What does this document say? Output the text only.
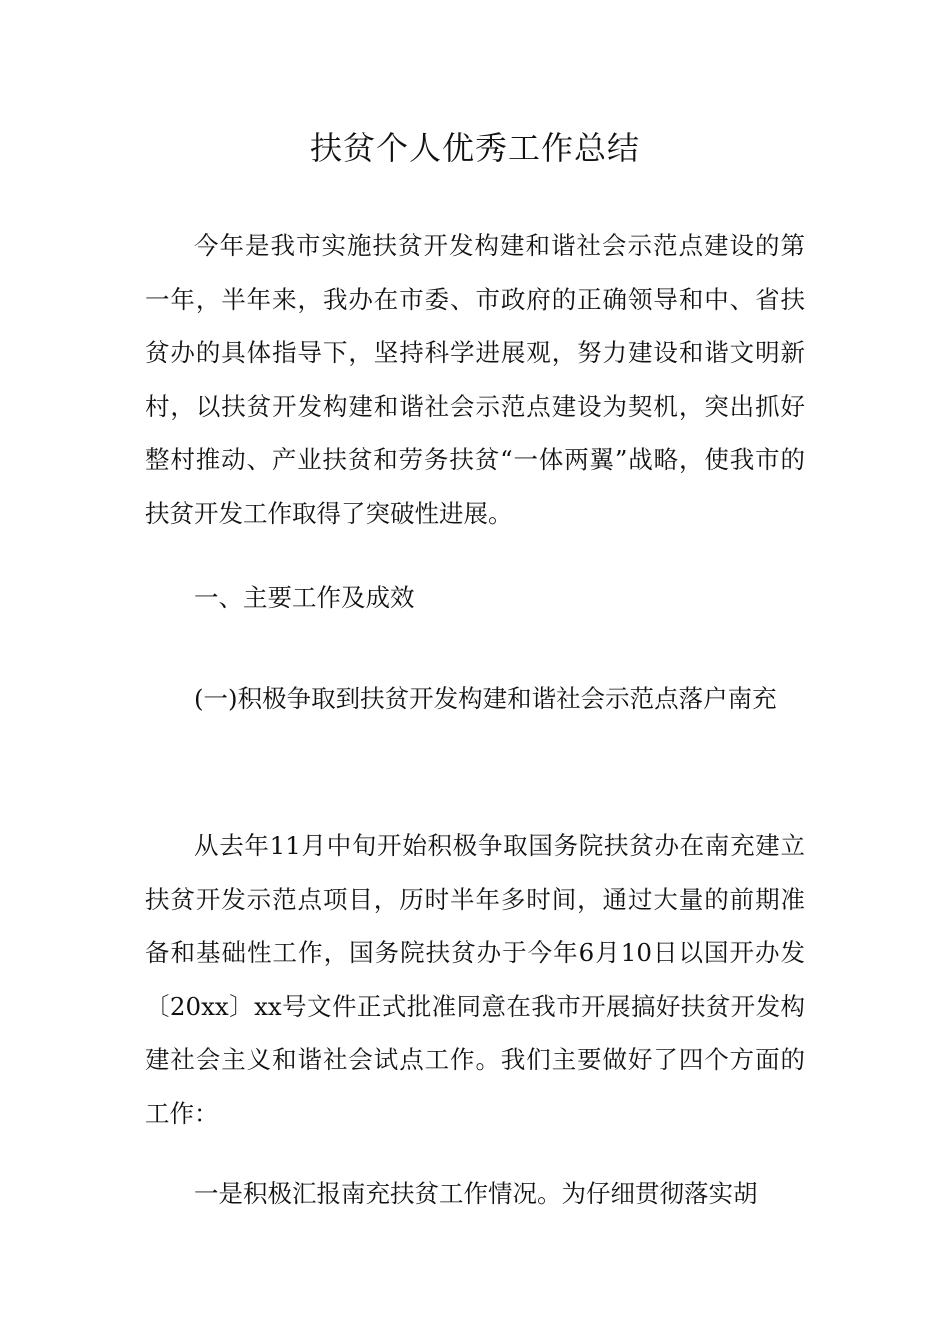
扶贫个人优秀工作总结

今年是我市实施扶贫开发构建和谐社会示范点建设的第一年，半年来，我办在市委、市政府的正确领导和中、省扶贫办的具体指导下，坚持科学进展观，努力建设和谐文明新村，以扶贫开发构建和谐社会示范点建设为契机，突出抓好整村推动、产业扶贫和劳务扶贫“一体两翼”战略，使我市的扶贫开发工作取得了突破性进展。

一、主要工作及成效

(一)积极争取到扶贫开发构建和谐社会示范点落户南充

从去年11月中旬开始积极争取国务院扶贫办在南充建立扶贫开发示范点项目，历时半年多时间，通过大量的前期准备和基础性工作，国务院扶贫办于今年6月10日以国开办发〔20xx〕xx号文件正式批准同意在我市开展搞好扶贫开发构建社会主义和谐社会试点工作。我们主要做好了四个方面的工作：

一是积极汇报南充扶贫工作情况。为仔细贯彻落实胡
